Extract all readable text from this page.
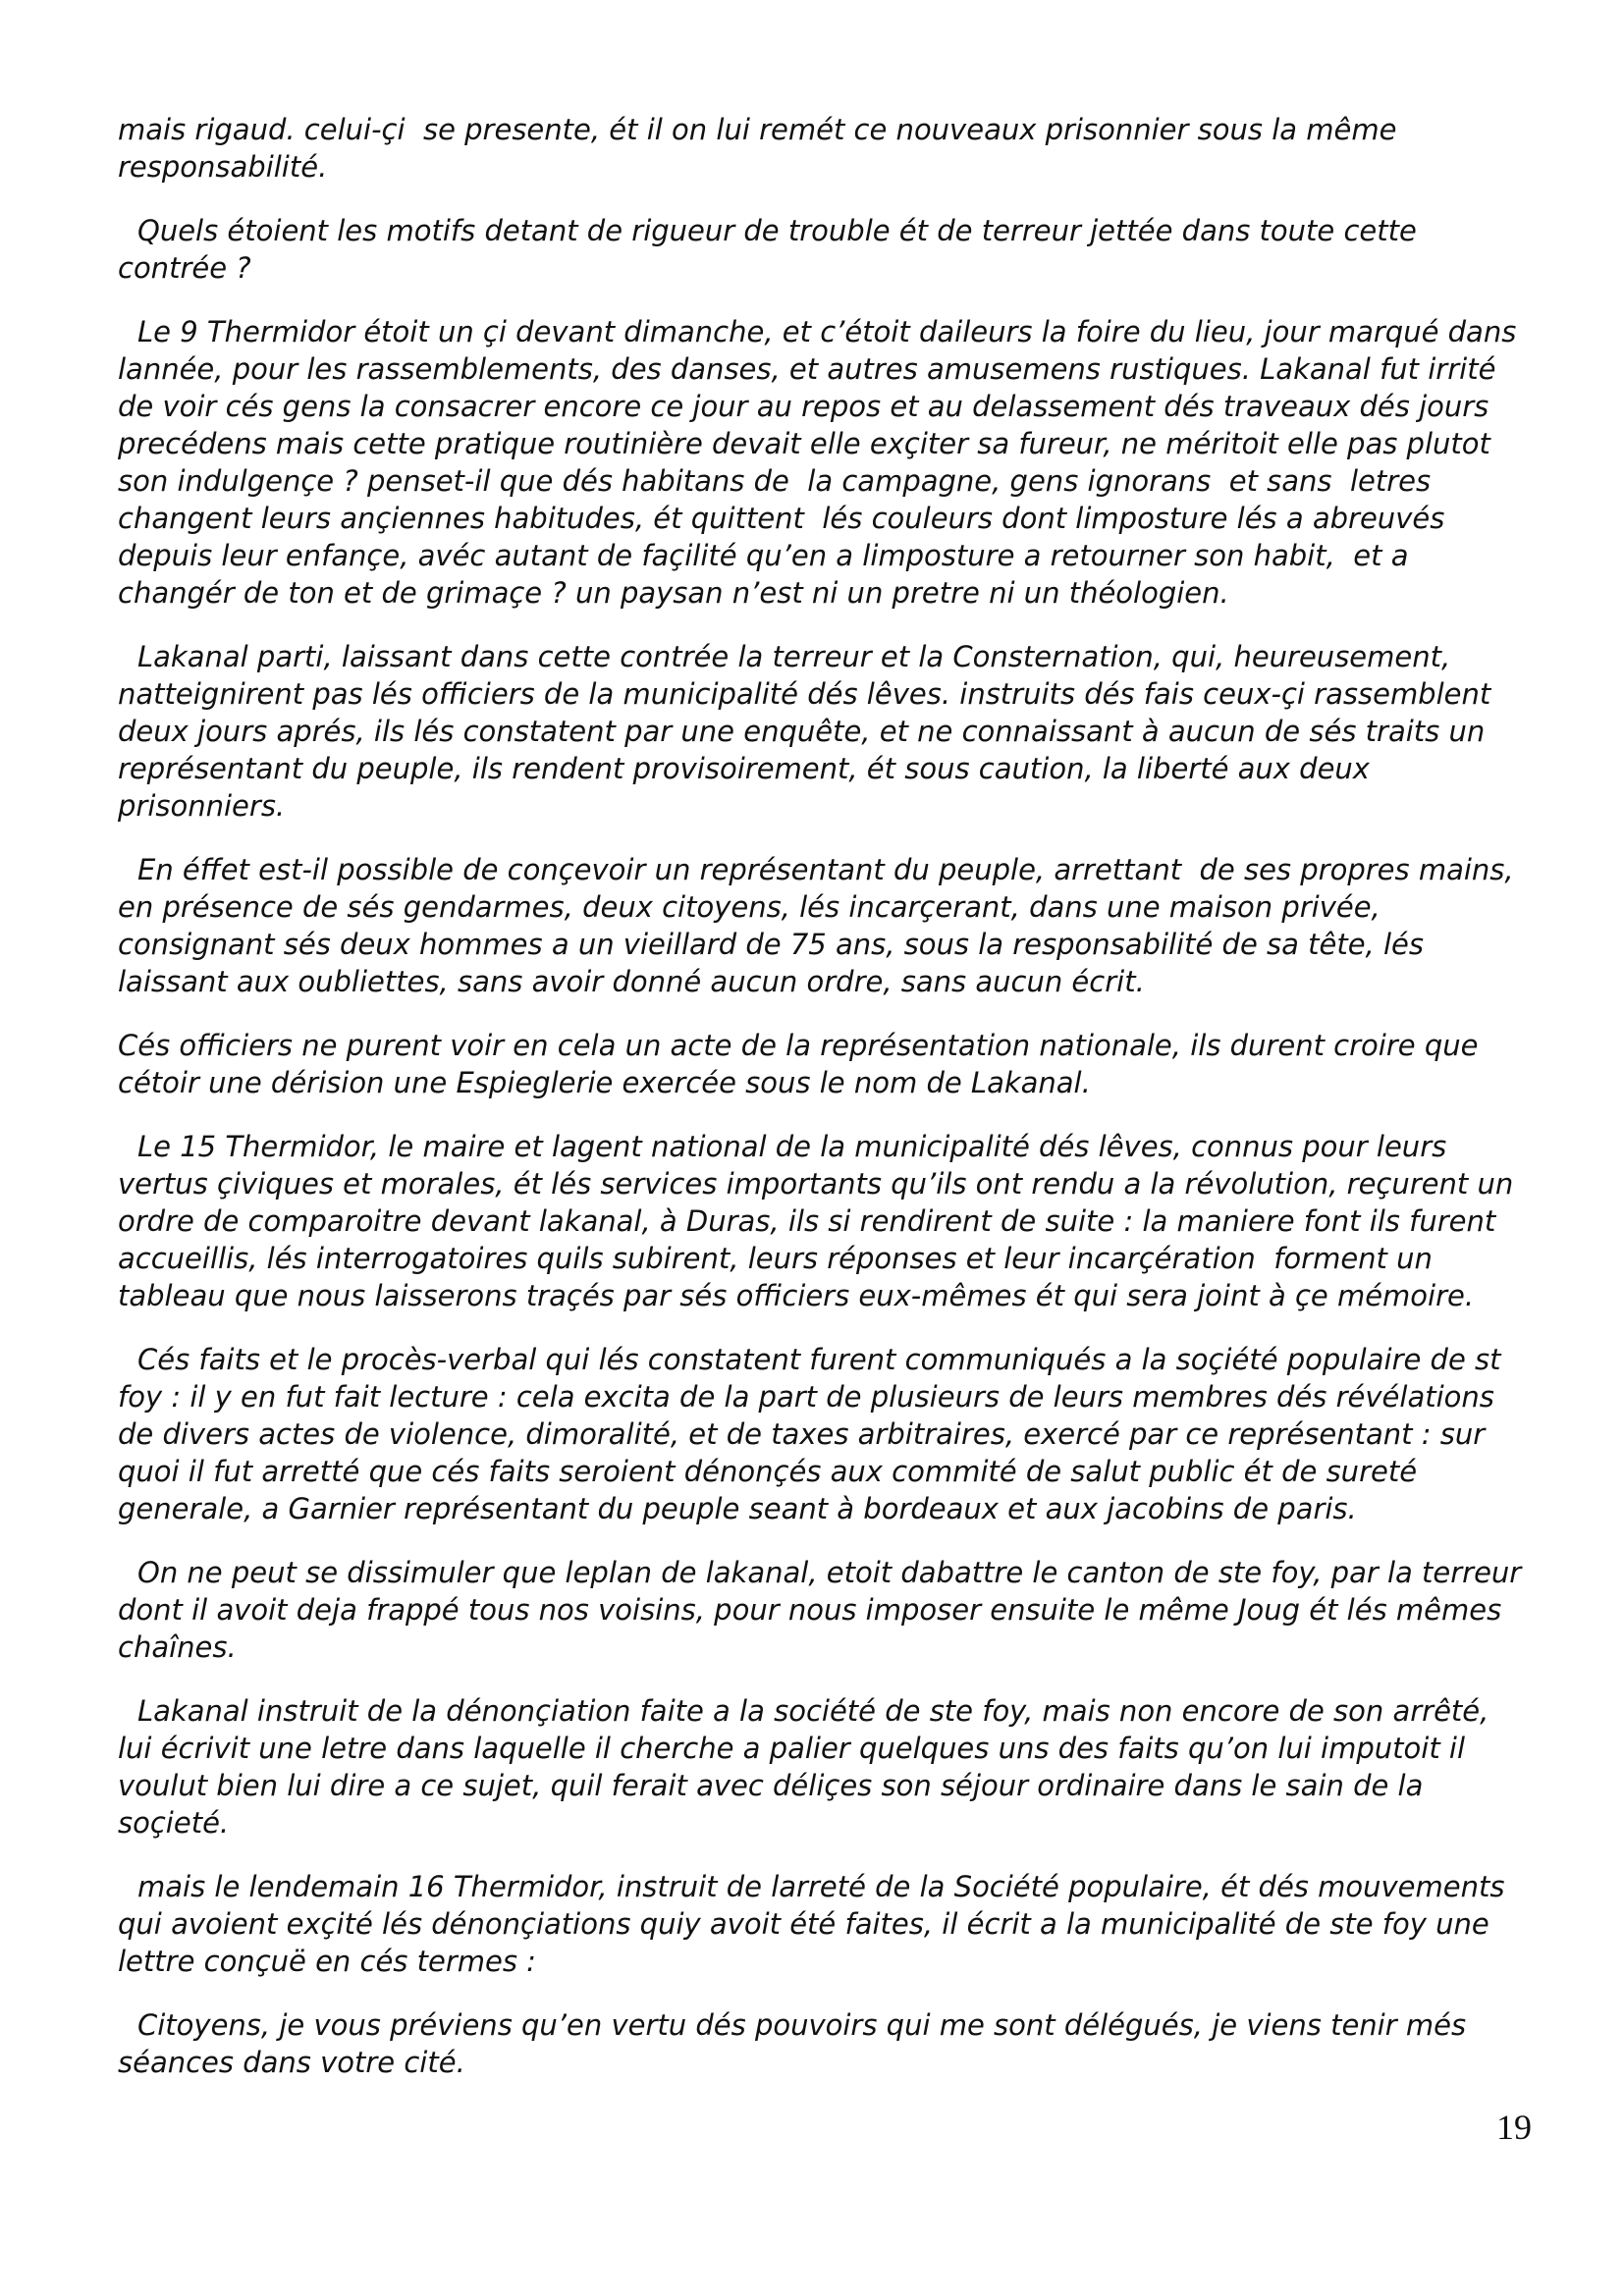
mais rigaud. celui-çi  se presente, ét il on lui remét ce nouveaux prisonnier sous la même responsabilité.

Quels étoient les motifs detant de rigueur de trouble ét de terreur jettée dans toute cette contrée ?

Le 9 Thermidor étoit un çi devant dimanche, et c’étoit daileurs la foire du lieu, jour marqué dans lannée, pour les rassemblements, des danses, et autres amusemens rustiques. Lakanal fut irrité  de voir cés gens la consacrer encore ce jour au repos et au delassement dés traveaux dés jours precédens mais cette pratique routinière devait elle exçiter sa fureur, ne méritoit elle pas plutot son indulgençe ? penset-il que dés habitans de  la campagne, gens ignorans  et sans  letres changent leurs ançiennes habitudes, ét quittent  lés couleurs dont limposture lés a abreuvés depuis leur enfançe, avéc autant de façilité qu’en a limposture a retourner son habit,  et a changér de ton et de grimaçe ? un paysan n’est ni un pretre ni un théologien.

Lakanal parti, laissant dans cette contrée la terreur et la Consternation, qui, heureusement, natteignirent pas lés officiers de la municipalité dés lêves. instruits dés fais ceux-çi rassemblent deux jours aprés, ils lés constatent par une enquête, et ne connaissant à aucun de sés traits un représentant du peuple, ils rendent provisoirement, ét sous caution, la liberté aux deux prisonniers.

En éffet est-il possible de conçevoir un représentant du peuple, arrettant  de ses propres mains, en présence de sés gendarmes, deux citoyens, lés incarçerant, dans une maison privée, consignant sés deux hommes a un vieillard de 75 ans, sous la responsabilité de sa tête, lés laissant aux oubliettes, sans avoir donné aucun ordre, sans aucun écrit.

Cés officiers ne purent voir en cela un acte de la représentation nationale, ils durent croire que cétoir une dérision une Espieglerie exercée sous le nom de Lakanal.

Le 15 Thermidor, le maire et lagent national de la municipalité dés lêves, connus pour leurs vertus çiviques et morales, ét lés services importants qu’ils ont rendu a la révolution, reçurent un ordre de comparoitre devant lakanal, à Duras, ils si rendirent de suite : la maniere font ils furent accueillis, lés interrogatoires quils subirent, leurs réponses et leur incarçération  forment un tableau que nous laisserons traçés par sés officiers eux-mêmes ét qui sera joint à çe mémoire.

Cés faits et le procès-verbal qui lés constatent furent communiqués a la soçiété populaire de st foy : il y en fut fait lecture : cela excita de la part de plusieurs de leurs membres dés révélations de divers actes de violence, dimoralité, et de taxes arbitraires, exercé par ce représentant : sur quoi il fut arretté que cés faits seroient dénonçés aux commité de salut public ét de sureté generale, a Garnier représentant du peuple seant à bordeaux et aux jacobins de paris.

On ne peut se dissimuler que leplan de lakanal, etoit dabattre le canton de ste foy, par la terreur dont il avoit deja frappé tous nos voisins, pour nous imposer ensuite le même Joug ét lés mêmes chaînes.

Lakanal instruit de la dénonçiation faite a la société de ste foy, mais non encore de son arrêté, lui écrivit une letre dans laquelle il cherche a palier quelques uns des faits qu’on lui imputoit il voulut bien lui dire a ce sujet, quil ferait avec déliçes son séjour ordinaire dans le sain de la soçieté.

mais le lendemain 16 Thermidor, instruit de larreté de la Société populaire, ét dés mouvements qui avoient exçité lés dénonçiations quiy avoit été faites, il écrit a la municipalité de ste foy une lettre conçuë en cés termes :

Citoyens, je vous préviens qu’en vertu dés pouvoirs qui me sont délégués, je viens tenir més séances dans votre cité.

19
